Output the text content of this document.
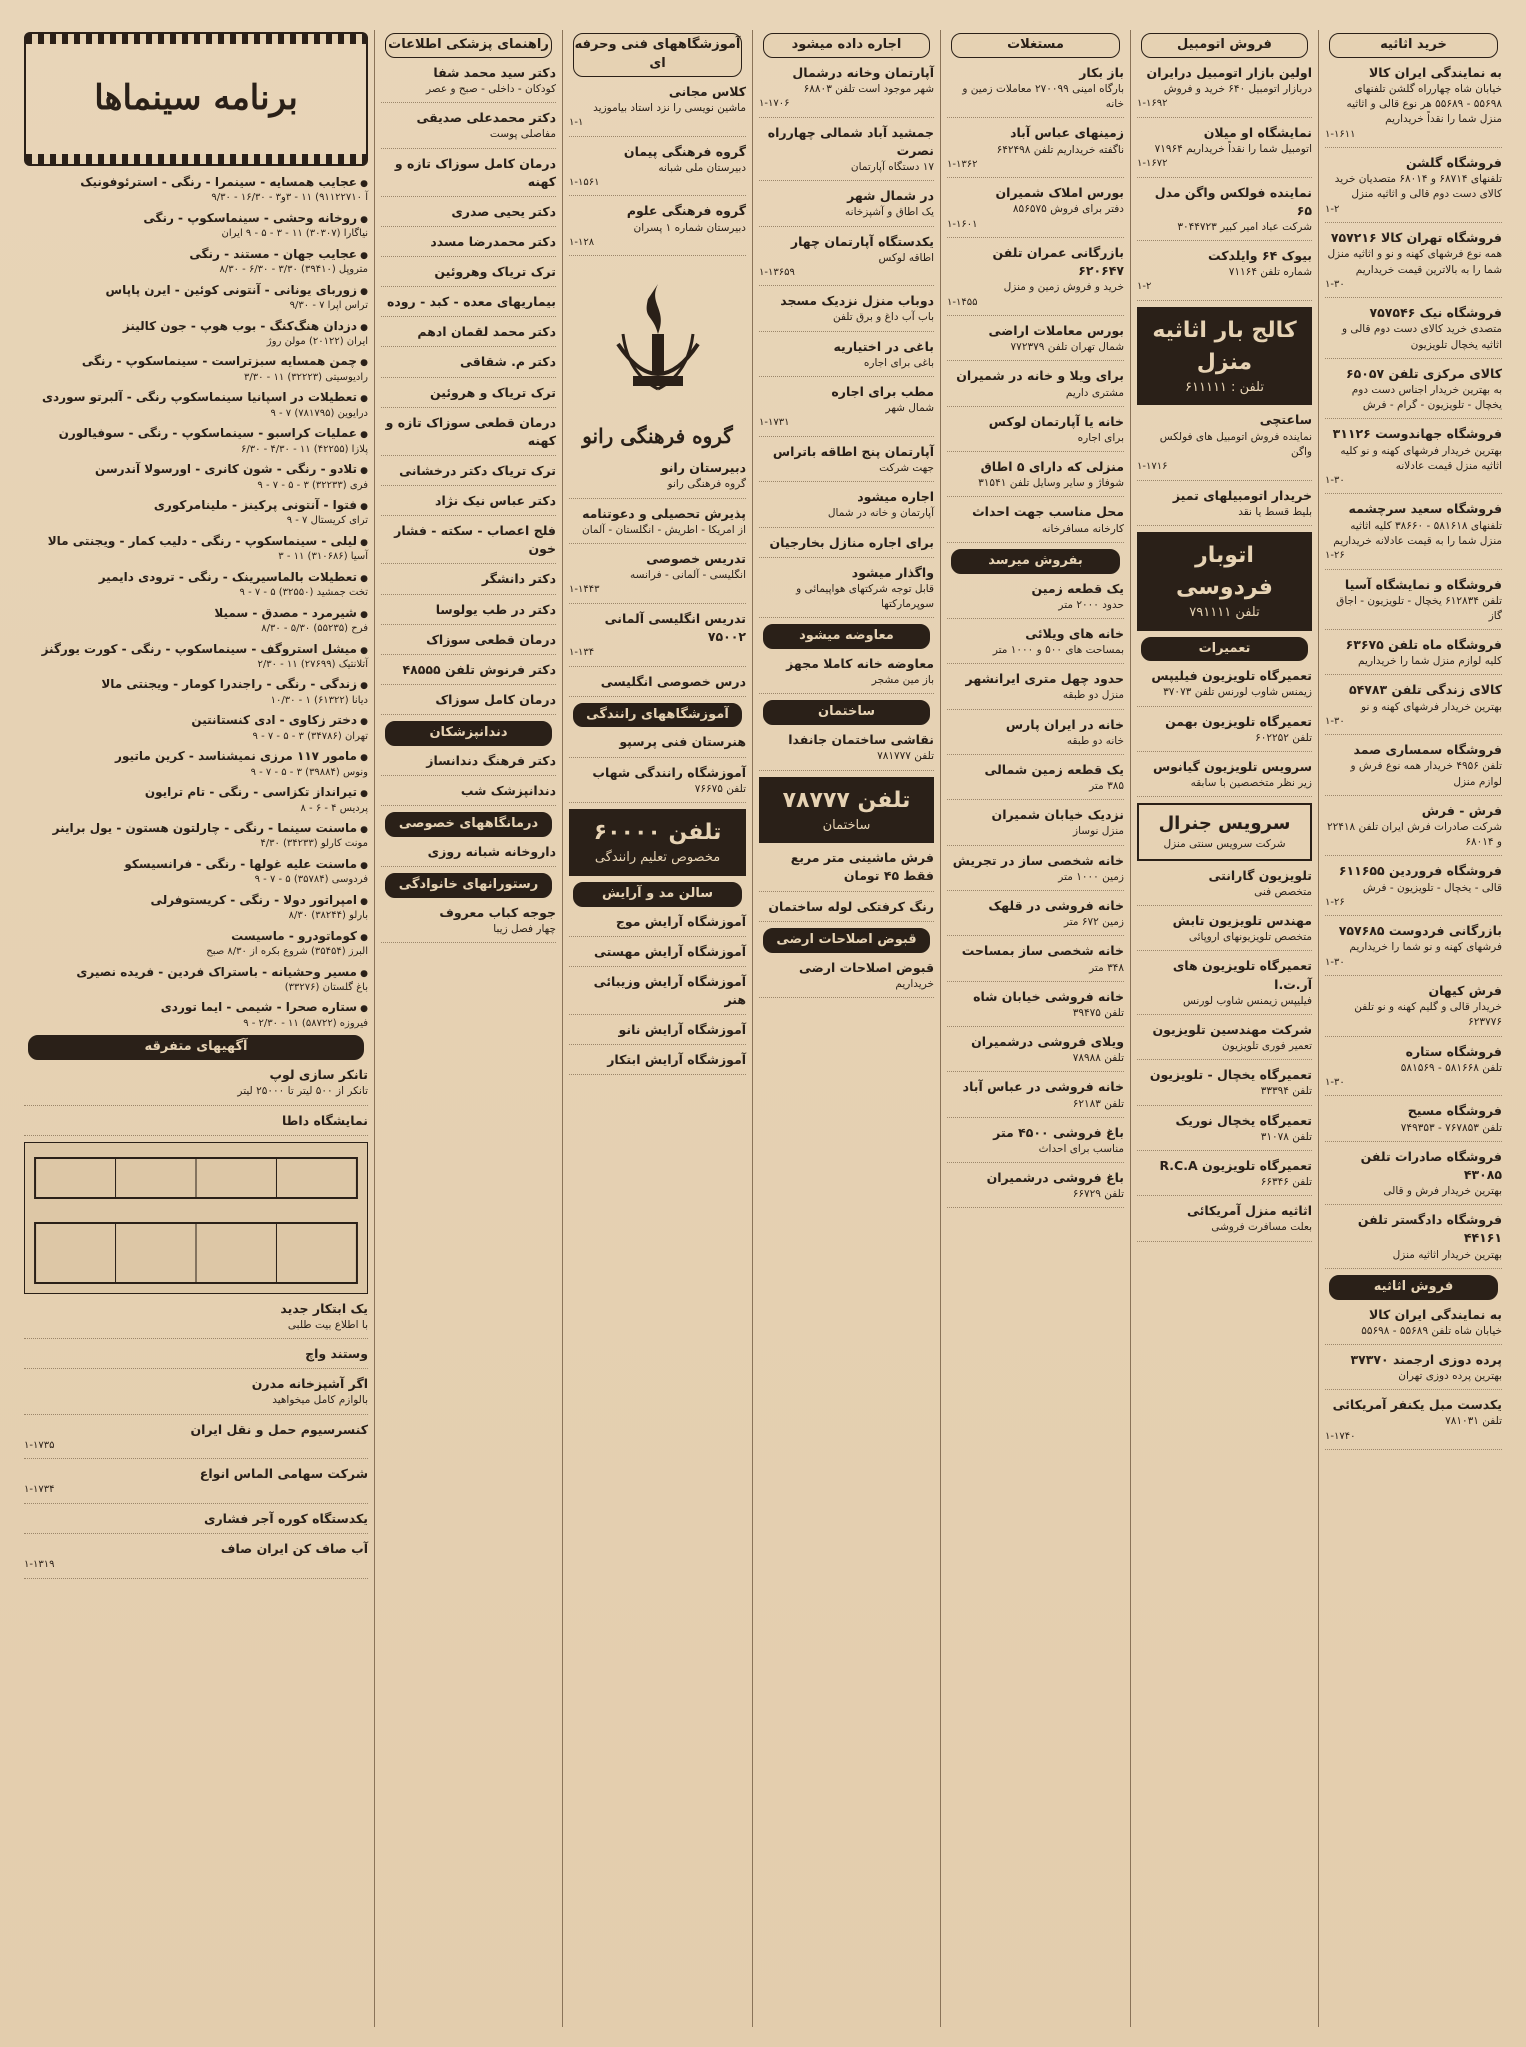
خرید اثاثیه
به نمایندگی ایران کالا
خیابان شاه چهارراه گلشن تلفنهای ۵۵۶۹۸ - ۵۵۶۸۹ هر نوع قالی و اثاثیه منزل شما را نقداً خریداریم
۱-۱۶۱۱
فروشگاه گلشن
تلفنهای ۶۸۷۱۴ و ۶۸۰۱۴ متصدیان خرید کالای دست دوم قالی و اثاثیه منزل
۱-۲
فروشگاه تهران کالا ۷۵۷۲۱۶
همه نوع فرشهای کهنه و نو و اثاثیه منزل شما را به بالاترین قیمت خریداریم
۱-۳۰
فروشگاه نیک ۷۵۷۵۴۶
متصدی خرید کالای دست دوم قالی و اثاثیه یخچال تلویزیون
کالای مرکزی تلفن ۶۵۰۵۷
به بهترین خریدار اجناس دست دوم یخچال - تلویزیون - گرام - فرش
فروشگاه جهاندوست ۳۱۱۲۶
بهترین خریدار فرشهای کهنه و نو کلیه اثاثیه منزل قیمت عادلانه
۱-۳۰
فروشگاه سعید سرچشمه
تلفنهای ۵۸۱۶۱۸ - ۳۸۶۶۰ کلیه اثاثیه منزل شما را به قیمت عادلانه خریداریم
۱-۲۶
فروشگاه و نمایشگاه آسیا
تلفن ۶۱۲۸۳۴ یخچال - تلویزیون - اجاق گاز
فروشگاه ماه تلفن ۶۳۶۷۵
کلیه لوازم منزل شما را خریداریم
کالای زندگی تلفن ۵۴۷۸۳
بهترین خریدار فرشهای کهنه و نو
۱-۳۰
فروشگاه سمساری صمد
تلفن ۴۹۵۶ خریدار همه نوع فرش و لوازم منزل
فرش - فرش
شرکت صادرات فرش ایران تلفن ۲۲۴۱۸ و ۶۸۰۱۴
فروشگاه فروردین ۶۱۱۶۵۵
قالی - یخچال - تلویزیون - فرش
۱-۲۶
بازرگانی فردوست ۷۵۷۶۸۵
فرشهای کهنه و نو شما را خریداریم
۱-۳۰
فرش کیهان
خریدار قالی و گلیم کهنه و نو تلفن ۶۲۳۷۷۶
فروشگاه ستاره
تلفن ۵۸۱۶۶۸ - ۵۸۱۵۶۹
۱-۳۰
فروشگاه مسیح
تلفن ۷۶۷۸۵۳ - ۷۴۹۳۵۳
فروشگاه صادرات تلفن ۴۳۰۸۵
بهترین خریدار فرش و قالی
فروشگاه دادگستر تلفن ۴۴۱۶۱
بهترین خریدار اثاثیه منزل
فروش اثاثیه
به نمایندگی ایران کالا
خیابان شاه تلفن ۵۵۶۸۹ - ۵۵۶۹۸
پرده دوزی ارجمند ۳۷۳۷۰
بهترین پرده دوزی تهران
یکدست مبل یکنفر آمریکائی
تلفن ۷۸۱۰۳۱
۱-۱۷۴۰
فروش اتومبیل
اولین بازار اتومبیل درایران
دربازار اتومبیل ۶۴۰ خرید و فروش
۱-۱۶۹۲
نمایشگاه او میلان
اتومبیل شما را نقداً خریداریم ۷۱۹۶۴
۱-۱۶۷۲
نماینده فولکس واگن مدل ۶۵
شرکت عباد امیر کبیر ۳۰۴۴۷۲۳
بیوک ۶۴ وایلدکت
شماره تلفن ۷۱۱۶۴
۱-۲
کالج بار اثاثیه منزل
تلفن : ۶۱۱۱۱۱
ساعتچی
نماینده فروش اتومبیل های فولکس واگن
۱-۱۷۱۶
خریدار اتومبیلهای تمیز
بلیط قسط یا نقد
اتوبار فردوسی
تلفن ۷۹۱۱۱۱
تعمیرات
تعمیرگاه تلویزیون فیلیپس
زیمنس شاوب لورنس تلفن ۳۷۰۷۳
تعمیرگاه تلویزیون بهمن
تلفن ۶۰۲۲۵۲
سرویس تلویزیون گیانوس
زیر نظر متخصصین با سابقه
سرویس جنرال
شرکت سرویس سنتی منزل
تلویزیون گارانتی
متخصص فنی
مهندس تلویزیون تابش
متخصص تلویزیونهای اروپائی
تعمیرگاه تلویزیون های آر.ت.ا
فیلیپس زیمنس شاوب لورنس
شرکت مهندسین تلویزیون
تعمیر فوری تلویزیون
تعمیرگاه یخچال - تلویزیون
تلفن ۳۳۳۹۴
تعمیرگاه یخچال نوریک
تلفن ۳۱۰۷۸
تعمیرگاه تلویزیون R.C.A
تلفن ۶۶۳۴۶
اثاثیه منزل آمریکائی
بعلت مسافرت فروشی
مستغلات
باز بکار
بارگاه امینی ۲۷۰۰۹۹ معاملات زمین و خانه
زمینهای عباس آباد
ناگفته خریداریم تلفن ۶۴۲۴۹۸
۱-۱۳۶۲
بورس املاک شمیران
دفتر برای فروش ۸۵۶۵۷۵
۱-۱۶۰۱
بازرگانی عمران تلفن ۶۲۰۶۴۷
خرید و فروش زمین و منزل
۱-۱۴۵۵
بورس معاملات اراضی
شمال تهران تلفن ۷۷۲۳۷۹
برای ویلا و خانه در شمیران
مشتری داریم
خانه یا آپارتمان لوکس
برای اجاره
منزلی که دارای ۵ اطاق
شوفاژ و سایر وسایل تلفن ۳۱۵۴۱
محل مناسب جهت احداث
کارخانه مسافرخانه
بفروش میرسد
یک قطعه زمین
حدود ۲۰۰۰ متر
خانه های ویلائی
بمساحت های ۵۰۰ و ۱۰۰۰ متر
حدود چهل متری ایرانشهر
منزل دو طبقه
خانه در ایران پارس
خانه دو طبقه
یک قطعه زمین شمالی
۳۸۵ متر
نزدیک خیابان شمیران
منزل نوساز
خانه شخصی ساز در تجریش
زمین ۱۰۰۰ متر
خانه فروشی در قلهک
زمین ۶۷۲ متر
خانه شخصی ساز بمساحت
۳۴۸ متر
خانه فروشی خیابان شاه
تلفن ۳۹۴۷۵
ویلای فروشی درشمیران
تلفن ۷۸۹۸۸
خانه فروشی در عباس آباد
تلفن ۶۲۱۸۳
باغ فروشی ۴۵۰۰ متر
مناسب برای احداث
باغ فروشی درشمیران
تلفن ۶۶۷۲۹
اجاره داده میشود
آپارتمان وخانه درشمال
شهر موجود است تلفن ۶۸۸۰۳
۱-۱۷۰۶
جمشید آباد شمالی چهارراه نصرت
۱۷ دستگاه آپارتمان
در شمال شهر
یک اطاق و آشپزخانه
یکدستگاه آپارتمان چهار
اطاقه لوکس
۱-۱۳۶۵۹
دوباب منزل نزدیک مسجد
باب آب داغ و برق تلفن
باغی در اختیاریه
باغی برای اجاره
مطب برای اجاره
شمال شهر
۱-۱۷۳۱
آپارتمان پنج اطاقه باتراس
جهت شرکت
اجاره میشود
آپارتمان و خانه در شمال
برای اجاره منازل بخارجیان
واگذار میشود
قابل توجه شرکتهای هواپیمائی و سوپرمارکتها
معاوضه میشود
معاوضه خانه کاملا مجهز
باز مین مشجر
ساختمان
نقاشی ساختمان جانفدا
تلفن ۷۸۱۷۷۷
تلفن ۷۸۷۷۷
ساختمان
فرش ماشینی متر مربع فقط ۴۵ تومان
رنگ کرفتکی لوله ساختمان
قبوض اصلاحات ارضی
قبوض اصلاحات ارضی
خریداریم
آموزشگاههای فنی وحرفه ای
کلاس مجانی
ماشین نویسی را نزد استاد بیاموزید
۱-۱
گروه فرهنگی پیمان
دبیرستان ملی شبانه
۱-۱۵۶۱
گروه فرهنگی علوم
دبیرستان شماره ۱ پسران
۱-۱۲۸
گروه فرهنگی رانو
دبیرستان رانو
گروه فرهنگی رانو
پذیرش تحصیلی و دعوتنامه
از امریکا - اطریش - انگلستان - آلمان
تدریس خصوصی
انگلیسی - آلمانی - فرانسه
۱-۱۴۴۳
تدریس انگلیسی آلمانی ۷۵۰۰۲
۱-۱۳۴
درس خصوصی انگلیسی
آموزشگاههای رانندگی
هنرستان فنی پرسپو
آموزشگاه رانندگی شهاب
تلفن ۷۶۶۷۵
تلفن ۶۰۰۰۰
مخصوص تعلیم رانندگی
سالن مد و آرایش
آموزشگاه آرایش موج
آموزشگاه آرایش مهستی
آموزشگاه آرایش وزیبائی هنر
آموزشگاه آرایش نانو
آموزشگاه آرایش ابتکار
راهنمای پزشکی اطلاعات
دکتر سید محمد شفا
کودکان - داخلی - صبح و عصر
دکتر محمدعلی صدیقی
مفاصلی پوست
درمان کامل سوزاک تازه و کهنه
دکتر یحیی صدری
دکتر محمدرضا مسدد
ترک تریاک وهروئین
بیماریهای معده - کبد - روده
دکتر محمد لقمان ادهم
دکتر م. شقاقی
ترک تریاک و هروئین
درمان قطعی سوزاک تازه و کهنه
ترک تریاک دکتر درخشانی
دکتر عباس نیک نژاد
فلج اعصاب - سکته - فشار خون
دکتر دانشگر
دکتر در طب یولوسا
درمان قطعی سوزاک
دکتر فرنوش تلفن ۴۸۵۵۵
درمان کامل سوزاک
دندانپزشکان
دکتر فرهنگ دندانساز
دندانپزشک شب
درمانگاههای خصوصی
داروخانه شبانه روزی
رستورانهای خانوادگی
جوجه کباب معروف
چهار فصل زیبا
برنامه سینماها
● عجایب همسایه - سینمرا - رنگی - استرئوفونیک
آ ۹۱۱۲۲۷۱۰) ۱۱ - ۳و۳ - ۱۶/۳۰ - ۹/۳۰
● روخانه وحشی - سینماسکوپ - رنگی
نیاگارا (۳۰۳۰۷) ۱۱ - ۳ - ۵ - ۹ ایران
● عجایب جهان - مستند - رنگی
متروپل (۳۹۴۱۰) ۳/۳۰ - ۶/۳۰ - ۸/۳۰
● زوربای یونانی - آنتونی کوئین - ایرن پاپاس
تراس اپرا ۷ - ۹/۳۰
● دزدان هنگ‌کنگ - بوب هوپ - جون کالینز
ایران (۲۰۱۲۲) مولن روژ
● چمن همسایه سبزتراست - سینماسکوپ - رنگی
رادیوسیتی (۳۲۲۲۳) ۱۱ - ۳/۳۰
● تعطیلات در اسپانیا سینماسکوپ رنگی - آلبرتو سوردی
درایوین (۷۸۱۷۹۵) ۷ - ۹
● عملیات کراسبو - سینماسکوپ - رنگی - سوفیالورن
پلازا (۴۲۲۵۵) ۱۱ - ۴/۳۰ - ۶/۳۰
● تلادو - رنگی - شون کانری - اورسولا آندرسن
فری (۳۲۲۳۳) ۳ - ۵ - ۷ - ۹
● فتوا - آنتونی پرکینز - ملینامرکوری
ترای کریستال ۷ - ۹
● لیلی - سینماسکوپ - رنگی - دلیب کمار - ویجنتی مالا
آسیا (۳۱۰۶۸۶) ۱۱ - ۳
● تعطیلات بالماسیرینک - رنگی - ترودی دایمیر
تخت جمشید (۳۲۵۵۰) ۵ - ۷ - ۹
● شیرمرد - مصدق - سمیلا
فرح (۵۵۲۳۵) ۵/۳۰ - ۸/۳۰
● میشل استروگف - سینماسکوپ - رنگی - کورت یورگنز
آتلانتیک (۲۷۶۹۹) ۱۱ - ۲/۳۰
● زندگی - رنگی - راجندرا کومار - ویجنتی مالا
دیانا (۶۱۳۲۲) ۱ - ۱۰/۳۰
● دختر زکاوی - ادی کنستانتین
تهران (۳۴۷۸۶) ۳ - ۵ - ۷ - ۹
● مامور ۱۱۷ مرزی نمیشناسد - کرین ماتیور
ونوس (۳۹۸۸۴) ۳ - ۵ - ۷ - ۹
● تیرانداز تکزاسی - رنگی - تام ترایون
پردیس ۴ - ۶ - ۸
● ماسنت سینما - رنگی - چارلتون هستون - یول براینر
مونت کارلو (۳۴۲۳۳) ۴/۳۰
● ماسنت علیه غولها - رنگی - فرانسیسکو
فردوسی (۳۵۷۸۴) ۵ - ۷ - ۹
● امپراتور دولا - رنگی - کریستوفرلی
بارلو (۳۸۲۴۴) ۸/۳۰
● کوماتودرو - ماسیست
البرز (۳۵۴۵۴) شروع بکره از ۸/۳۰ صبح
● مسیر وحشیانه - باستراک فردین - فریده نصیری
باغ گلستان (۳۳۲۷۶)
● ستاره صحرا - شیمی - ایما توردی
فیروزه (۵۸۷۲۲) ۱۱ - ۲/۳۰ - ۹
آگهیهای متفرقه
تانکر سازی لوپ
تانکر از ۵۰۰ لیتر تا ۲۵۰۰۰ لیتر
نمایشگاه داطا
یک ابتکار جدید
با اطلاع بیت طلبی
وستند واچ
اگر آشپزخانه مدرن
بالوازم کامل میخواهید
کنسرسیوم حمل و نقل ایران
۱-۱۷۳۵
شرکت سهامی الماس انواع
۱-۱۷۳۴
یکدستگاه کوره آجر فشاری
آب صاف کن ایران صاف
۱-۱۳۱۹
